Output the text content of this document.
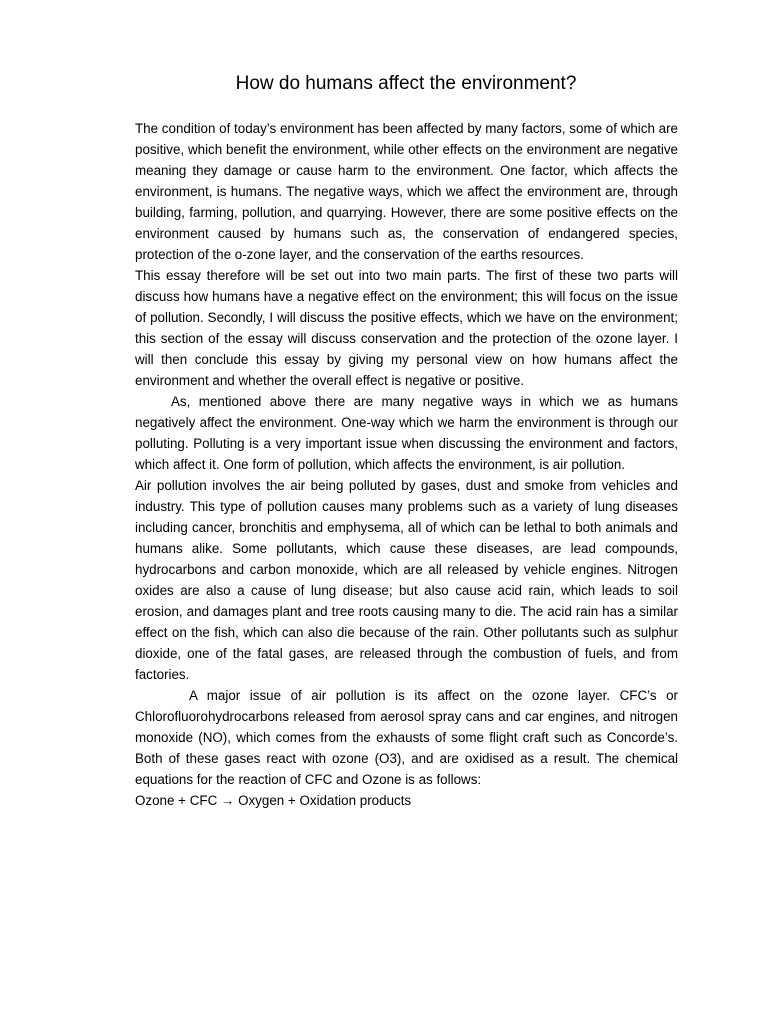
How do humans affect the environment?

The condition of today’s environment has been affected by many factors, some of which are positive, which benefit the environment, while other effects on the environment are negative meaning they damage or cause harm to the environment. One factor, which affects the environment, is humans. The negative ways, which we affect the environment are, through building, farming, pollution, and quarrying. However, there are some positive effects on the environment caused by humans such as, the conservation of endangered species, protection of the o-zone layer, and the conservation of the earths resources.

This essay therefore will be set out into two main parts. The first of these two parts will discuss how humans have a negative effect on the environment; this will focus on the issue of pollution. Secondly, I will discuss the positive effects, which we have on the environment; this section of the essay will discuss conservation and the protection of the ozone layer. I will then conclude this essay by giving my personal view on how humans affect the environment and whether the overall effect is negative or positive.

As, mentioned above there are many negative ways in which we as humans negatively affect the environment. One-way which we harm the environment is through our polluting. Polluting is a very important issue when discussing the environment and factors, which affect it. One form of pollution, which affects the environment, is air pollution.

Air pollution involves the air being polluted by gases, dust and smoke from vehicles and industry. This type of pollution causes many problems such as a variety of lung diseases including cancer, bronchitis and emphysema, all of which can be lethal to both animals and humans alike. Some pollutants, which cause these diseases, are lead compounds, hydrocarbons and carbon monoxide, which are all released by vehicle engines. Nitrogen oxides are also a cause of lung disease; but also cause acid rain, which leads to soil erosion, and damages plant and tree roots causing many to die. The acid rain has a similar effect on the fish, which can also die because of the rain. Other pollutants such as sulphur dioxide, one of the fatal gases, are released through the combustion of fuels, and from factories.

A major issue of air pollution is its affect on the ozone layer. CFC’s or Chlorofluorohydrocarbons released from aerosol spray cans and car engines, and nitrogen monoxide (NO), which comes from the exhausts of some flight craft such as Concorde’s. Both of these gases react with ozone (O3), and are oxidised as a result. The chemical equations for the reaction of CFC and Ozone is as follows:

Ozone + CFC → Oxygen + Oxidation products
